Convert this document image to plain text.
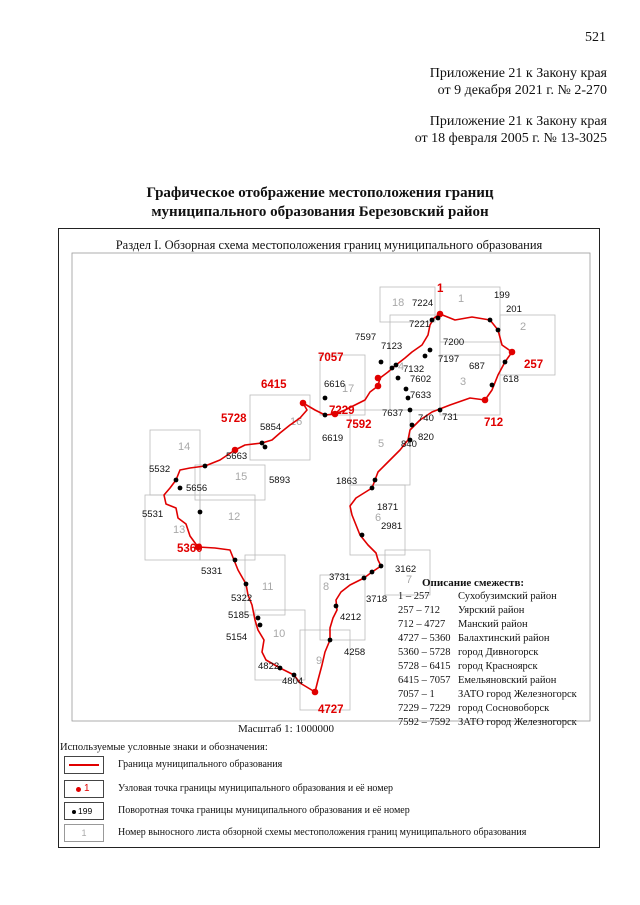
521
Приложение 21 к Закону края
от 9 декабря 2021 г. № 2-270
Приложение 21 к Закону края
от 18 февраля 2005 г. № 13-3025
Графическое отображение местоположения границ
муниципального образования Березовский район
Раздел I. Обзорная схема местоположения границ муниципального образования
1
2
3
4
5
6
7
8
9
10
11
12
13
14
15
16
17
18
1
257
712
4727
5360
5728
6415
7057
7229
7592
199
201
618
687
7200
7197
7221
7224
7123
7597
7132
7602
7633
7637 740 731
820
840
1863
1871
2981
3162
3718
3731
4212
4258
4804
4822
5154
5185
5322
5331
5531
5532
5656
5663
5893
5854
6616
6619
Масштаб 1: 1000000
Описание смежеств:
1 – 257	Сухобузимский район
257 – 712 Уярский район
712 – 4727 Манский район
4727 – 5360 Балахтинский район
5360 – 5728 город Дивногорск
5728 – 6415 город Красноярск
6415 – 7057 Емельяновский район
7057 – 1 ЗАТО город Железногорск
7229 – 7229 город Сосновоборск
7592 – 7592 ЗАТО город Железногорск
Используемые условные знаки и обозначения:
Граница муниципального образования
1	Узловая точка границы муниципального образования и её номер
199	Поворотная точка границы муниципального образования и её номер
1	Номер выносного листа обзорной схемы местоположения границ муниципального образования
